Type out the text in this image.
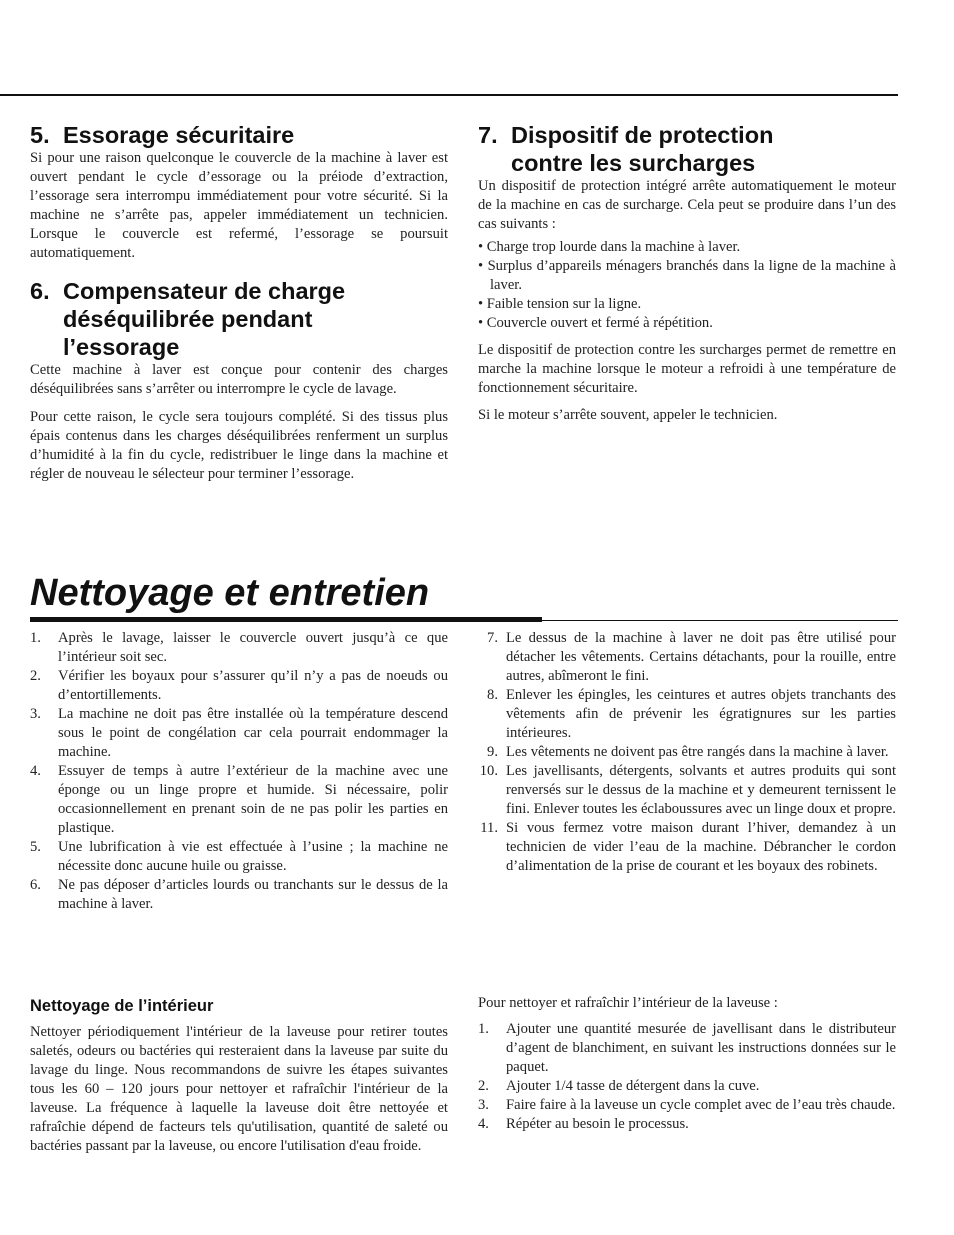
5. Essorage sécuritaire

Si pour une raison quelconque le couvercle de la machine à laver est ouvert pendant le cycle d’essorage ou la préiode d’extraction, l’essorage sera interrompu immédiatement pour votre sécurité. Si la machine ne s’arrête pas, appeler immédiatement un technicien. Lorsque le couvercle est refermé, l’essorage se poursuit automatiquement.

6. Compensateur de charge
déséquilibrée pendant
l’essorage

Cette machine à laver est conçue pour contenir des charges déséquilibrées sans s’arrêter ou interrompre le cycle de lavage.

Pour cette raison, le cycle sera toujours complété. Si des tissus plus épais contenus dans les charges déséquilibrées renferment un surplus d’humidité à la fin du cycle, redistribuer le linge dans la machine et régler de nouveau le sélecteur pour terminer l’essorage.

7. Dispositif de protection
contre les surcharges

Un dispositif de protection intégré arrête automatiquement le moteur de la machine en cas de surcharge. Cela peut se produire dans l’un des cas suivants :

• Charge trop lourde dans la machine à laver.
• Surplus d’appareils ménagers branchés dans la ligne de la machine à laver.
• Faible tension sur la ligne.
• Couvercle ouvert et fermé à répétition.

Le dispositif de protection contre les surcharges permet de remettre en marche la machine lorsque le moteur a refroidi à une température de fonctionnement sécuritaire.

Si le moteur s’arrête souvent, appeler le technicien.

Nettoyage et entretien
1.	Après le lavage, laisser le couvercle ouvert jusqu’à ce que l’intérieur soit sec.
2.	Vérifier les boyaux pour s’assurer qu’il n’y a pas de noeuds ou d’entortillements.
3.	La machine ne doit pas être installée où la température descend sous le point de congélation car cela pourrait endommager la machine.
4.	Essuyer de temps à autre l’extérieur de la machine avec une éponge ou un linge propre et humide. Si nécessaire, polir occasionnellement en prenant soin de ne pas polir les parties en plastique.
5.	Une lubrification à vie est effectuée à l’usine ; la machine ne nécessite donc aucune huile ou graisse.
6.	Ne pas déposer d’articles lourds ou tranchants sur le dessus de la machine à laver.
7. Le dessus de la machine à laver ne doit pas être utilisé pour détacher les vêtements. Certains détachants, pour la rouille, entre autres, abîmeront le fini.
8. Enlever les épingles, les ceintures et autres objets tranchants des vêtements afin de prévenir les égratignures sur les parties intérieures.
9. Les vêtements ne doivent pas être rangés dans la machine à laver.
10. Les javellisants, détergents, solvants et autres produits qui sont renversés sur le dessus de la machine et y demeurent ternissent le fini. Enlever toutes les éclaboussures avec un linge doux et propre.
11. Si vous fermez votre maison durant l’hiver, demandez à un technicien de vider l’eau de la machine. Débrancher le cordon d’alimentation de la prise de courant et les boyaux des robinets.
Nettoyage de l’intérieur

Nettoyer périodiquement l'intérieur de la laveuse pour retirer toutes saletés, odeurs ou bactéries qui resteraient dans la laveuse par suite du lavage du linge. Nous recommandons de suivre les étapes suivantes tous les 60 – 120 jours pour nettoyer et rafraîchir l'intérieur de la laveuse. La fréquence à laquelle la laveuse doit être nettoyée et rafraîchie dépend de facteurs tels qu'utilisation, quantité de saleté ou bactéries passant par la laveuse, ou encore l'utilisation d'eau froide.

Pour nettoyer et rafraîchir l’intérieur de la laveuse :

1.	Ajouter une quantité mesurée de javellisant dans le distributeur d’agent de blanchiment, en suivant les instructions données sur le paquet.
2.	Ajouter 1/4 tasse de détergent dans la cuve.
3.	Faire faire à la laveuse un cycle complet avec de l’eau très chaude.
4.	Répéter au besoin le processus.
